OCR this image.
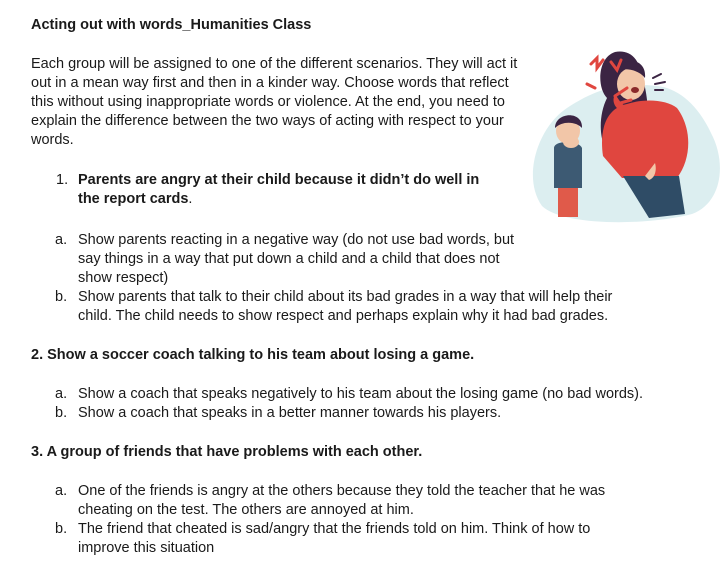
Acting out with words_Humanities Class
Each group will be assigned to one of the different scenarios. They will act it out in a mean way first and then in a kinder way. Choose words that reflect this without using inappropriate words or violence. At the end, you need to explain the difference between the two ways of acting with respect to your words.
1. Parents are angry at their child because it didn’t do well in the report cards.
a. Show parents reacting in a negative way (do not use bad words, but say things in a way that put down a child and a child that does not show respect)
b. Show parents that talk to their child about its bad grades in a way that will help their child. The child needs to show respect and perhaps explain why it had bad grades.
2. Show a soccer coach talking to his team about losing a game.
a. Show a coach that speaks negatively to his team about the losing game (no bad words).
b. Show a coach that speaks in a better manner towards his players.
3. A group of friends that have problems with each other.
a. One of the friends is angry at the others because they told the teacher that he was cheating on the test. The others are annoyed at him.
b. The friend that cheated is sad/angry that the friends told on him. Think of how to improve this situation
